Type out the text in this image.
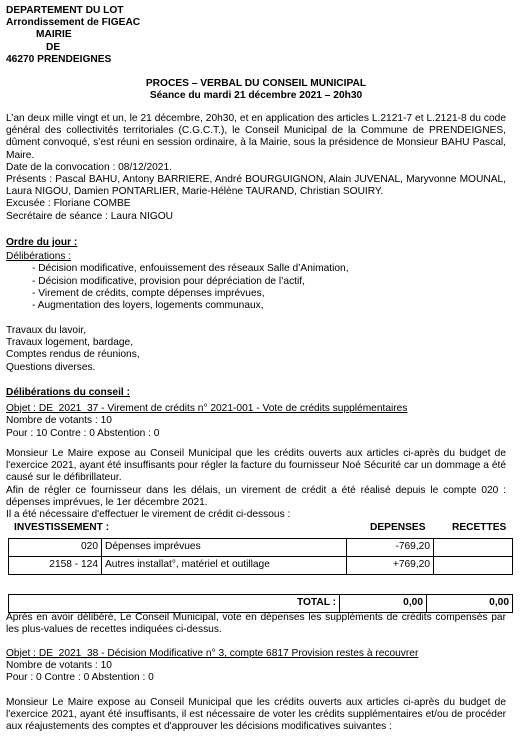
DEPARTEMENT DU LOT
Arrondissement de FIGEAC
MAIRIE
DE
46270 PRENDEIGNES
PROCES – VERBAL DU CONSEIL MUNICIPAL
Séance du mardi 21 décembre 2021 – 20h30

L’an deux mille vingt et un, le 21 décembre, 20h30, et en application des articles L.2121-7 et L.2121-8 du code général des collectivités territoriales (C.G.C.T.), le Conseil Municipal de la Commune de PRENDEIGNES, dûment convoqué, s’est réuni en session ordinaire, à la Mairie, sous la présidence de Monsieur BAHU Pascal, Maire.

Date de la convocation : 08/12/2021.

Présents : Pascal BAHU, Antony BARRIERE, André BOURGUIGNON, Alain JUVENAL, Maryvonne MOUNAL, Laura NIGOU, Damien PONTARLIER, Marie-Hélène TAURAND, Christian SOUIRY.

Excusée : Floriane COMBE

Secrétaire de séance : Laura NIGOU

Ordre du jour :

Délibérations :

- Décision modificative, enfouissement des réseaux Salle d’Animation,

- Décision modificative, provision pour dépréciation de l’actif,

- Virement de crédits, compte dépenses imprévues,

- Augmentation des loyers, logements communaux,

Travaux du lavoir,

Travaux logement, bardage,

Comptes rendus de réunions,

Questions diverses.

Délibérations du conseil :

Objet : DE_2021_37 - Virement de crédits n° 2021-001 - Vote de crédits supplémentaires

Nombre de votants : 10

Pour : 10 Contre : 0 Abstention : 0

Monsieur Le Maire expose au Conseil Municipal que les crédits ouverts aux articles ci-après du budget de l'exercice 2021, ayant été insuffisants pour régler la facture du fournisseur Noé Sécurité car un dommage a été causé sur le défibrillateur.

Afin de régler ce fournisseur dans les délais, un virement de crédit a été réalisé depuis le compte 020 : dépenses imprévues, le 1er décembre 2021.

Il a été nécessaire d'effectuer le virement de crédit ci-dessous :

INVESTISSEMENT :	DEPENSES	RECETTES
020	Dépenses imprévues	-769,20	
2158 - 124	Autres installat°, matériel et outillage	+769,20	
TOTAL :	0,00	0,00

Après en avoir délibéré, Le Conseil Municipal, vote en dépenses les suppléments de crédits compensés par les plus-values de recettes indiquées ci-dessus.

Objet : DE_2021_38 - Décision Modificative n° 3, compte 6817 Provision restes à recouvrer

Nombre de votants : 10

Pour : 0 Contre : 0 Abstention : 0

Monsieur Le Maire expose au Conseil Municipal que les crédits ouverts aux articles ci-après du budget de l'exercice 2021, ayant été insuffisants, il est nécessaire de voter les crédits supplémentaires et/ou de procéder aux réajustements des comptes et d'approuver les décisions modificatives suivantes :
